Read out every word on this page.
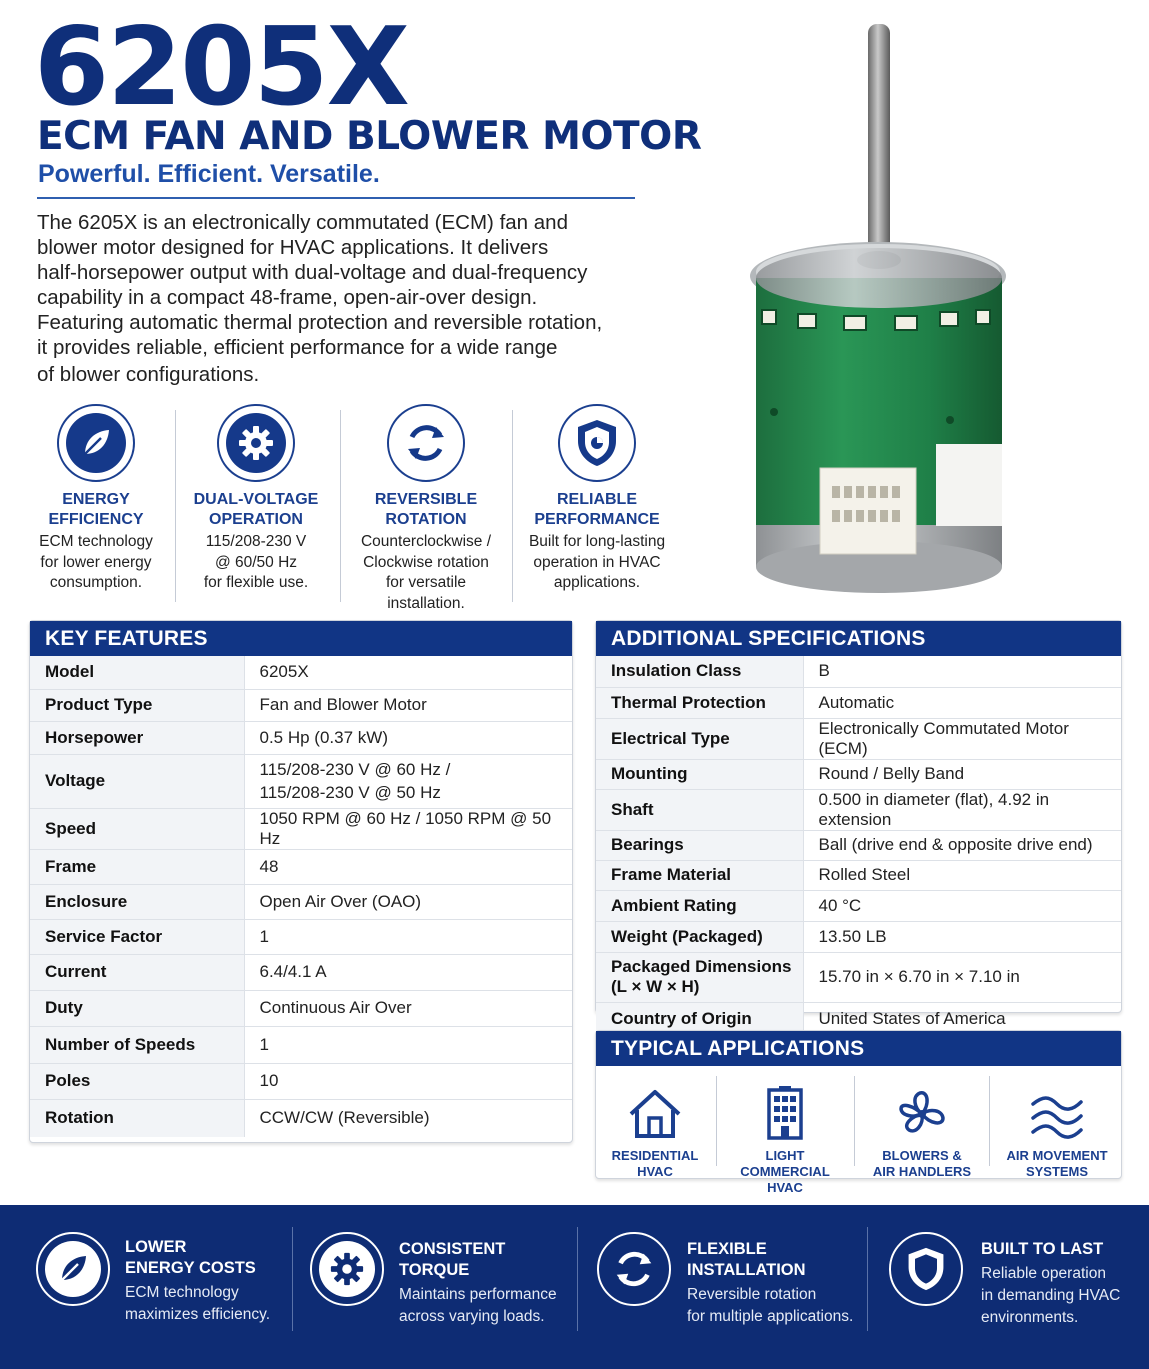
6205X
ECM FAN AND BLOWER MOTOR
Powerful. Efficient. Versatile.
The 6205X is an electronically commutated (ECM) fan and
blower motor designed for HVAC applications. It delivers
half-horsepower output with dual-voltage and dual-frequency
capability in a compact 48-frame, open-air-over design.
Featuring automatic thermal protection and reversible rotation,
it provides reliable, efficient performance for a wide range
of blower configurations.
ENERGY
EFFICIENCY

ECM technology
for lower energy
consumption.

DUAL-VOLTAGE
OPERATION

115/208-230 V
@ 60/50 Hz
for flexible use.

REVERSIBLE
ROTATION

Counterclockwise /
Clockwise rotation
for versatile
installation.

RELIABLE
PERFORMANCE

Built for long-lasting
operation in HVAC
applications.

KEY FEATURES
Model	6205X
Product Type	Fan and Blower Motor
Horsepower	0.5 Hp (0.37 kW)
Voltage	115/208-230 V @ 60 Hz /
115/208-230 V @ 50 Hz
Speed	1050 RPM @ 60 Hz / 1050 RPM @ 50 Hz
Frame	48
Enclosure	Open Air Over (OAO)
Service Factor	1
Current	6.4/4.1 A
Duty	Continuous Air Over
Number of Speeds	1
Poles	10
Rotation	CCW/CW (Reversible)
ADDITIONAL SPECIFICATIONS
Insulation Class	B
Thermal Protection	Automatic
Electrical Type	Electronically Commutated Motor (ECM)
Mounting	Round / Belly Band
Shaft	0.500 in diameter (flat), 4.92 in extension
Bearings	Ball (drive end & opposite drive end)
Frame Material	Rolled Steel
Ambient Rating	40 °C
Weight (Packaged)	13.50 LB
Packaged Dimensions
(L × W × H)	15.70 in × 6.70 in × 7.10 in
Country of Origin	United States of America
TYPICAL APPLICATIONS
RESIDENTIAL
HVAC
LIGHT COMMERCIAL
HVAC
BLOWERS &
AIR HANDLERS
AIR MOVEMENT
SYSTEMS
LOWER
ENERGY COSTS

ECM technology
maximizes efficiency.

CONSISTENT TORQUE

Maintains performance
across varying loads.

FLEXIBLE INSTALLATION

Reversible rotation
for multiple applications.

BUILT TO LAST

Reliable operation
in demanding HVAC
environments.
